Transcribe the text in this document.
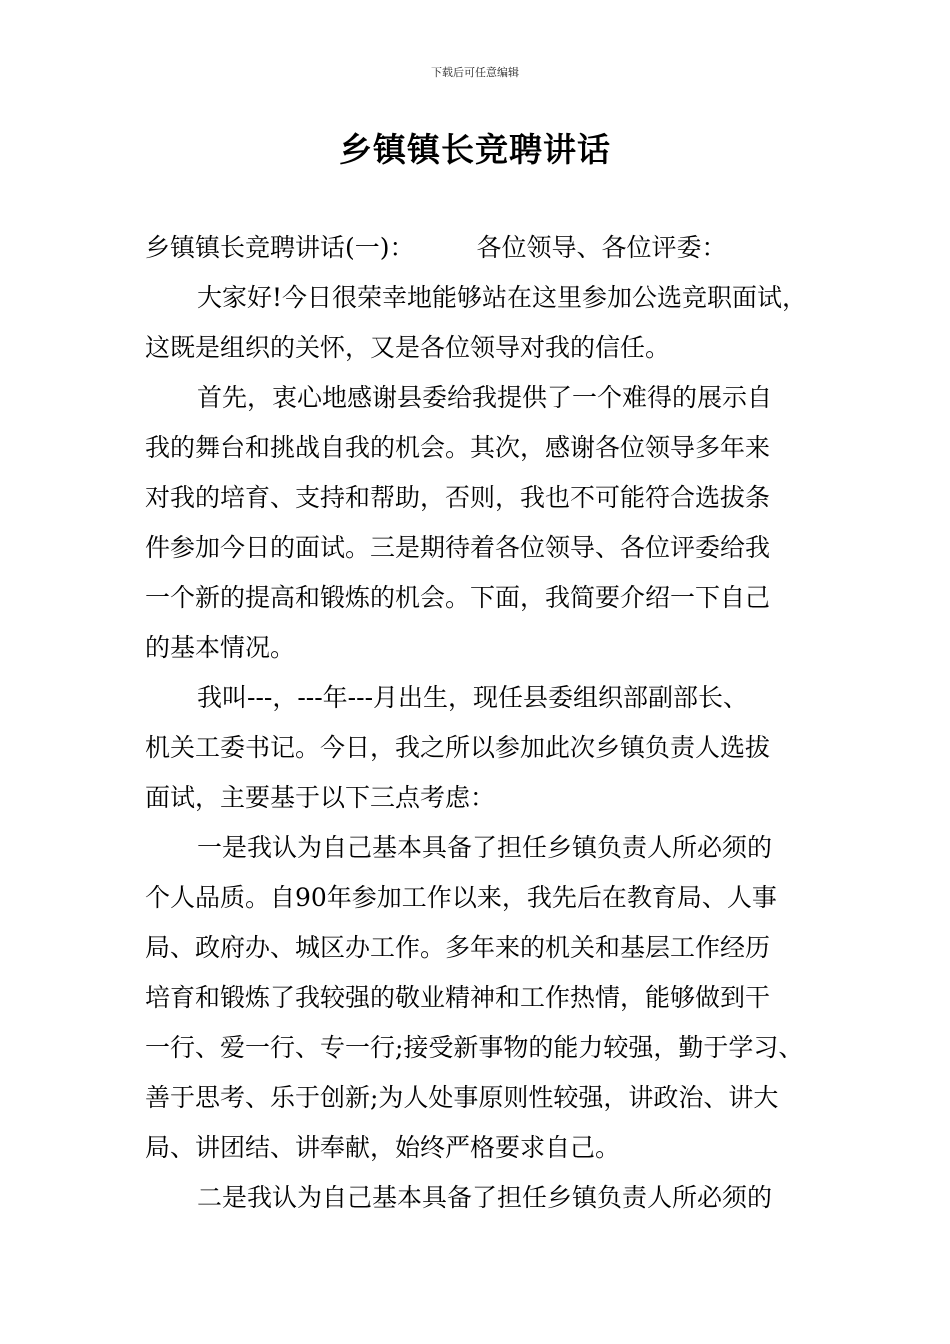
下载后可任意编辑
乡镇镇长竞聘讲话
乡镇镇长竞聘讲话(一)： 各位领导、各位评委：
大家好!今日很荣幸地能够站在这里参加公选竞职面试，
这既是组织的关怀，又是各位领导对我的信任。
首先，衷心地感谢县委给我提供了一个难得的展示自
我的舞台和挑战自我的机会。其次，感谢各位领导多年来
对我的培育、支持和帮助，否则，我也不可能符合选拔条
件参加今日的面试。三是期待着各位领导、各位评委给我
一个新的提高和锻炼的机会。下面，我简要介绍一下自己
的基本情况。
我叫---，---年---月出生，现任县委组织部副部长、
机关工委书记。今日，我之所以参加此次乡镇负责人选拔
面试，主要基于以下三点考虑：
一是我认为自己基本具备了担任乡镇负责人所必须的
个人品质。自90年参加工作以来，我先后在教育局、人事
局、政府办、城区办工作。多年来的机关和基层工作经历
培育和锻炼了我较强的敬业精神和工作热情，能够做到干
一行、爱一行、专一行;接受新事物的能力较强，勤于学习、
善于思考、乐于创新;为人处事原则性较强，讲政治、讲大
局、讲团结、讲奉献，始终严格要求自己。
二是我认为自己基本具备了担任乡镇负责人所必须的
